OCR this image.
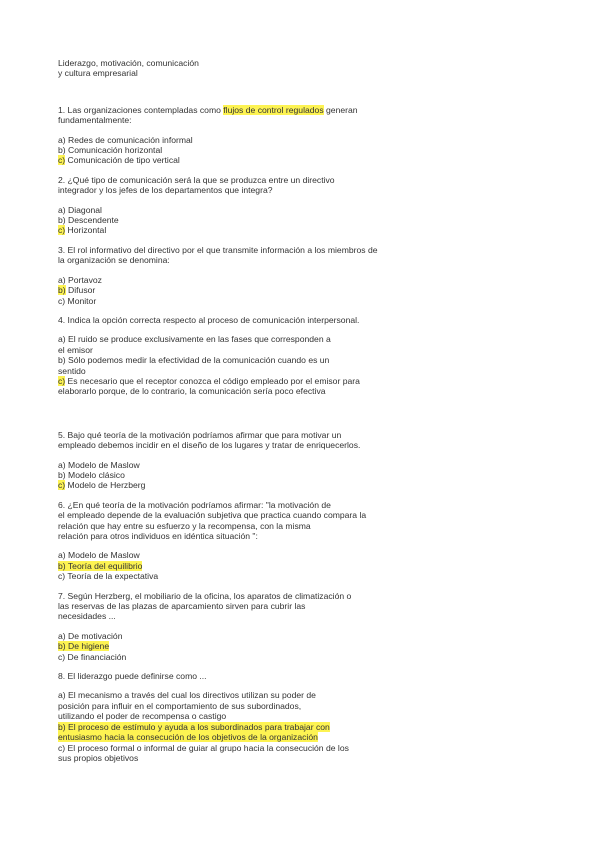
Liderazgo, motivación, comunicación
y cultura empresarial
1. Las organizaciones contempladas como flujos de control regulados generan
fundamentalmente:
a) Redes de comunicación informal
b) Comunicación horizontal
c) Comunicación de tipo vertical
2. ¿Qué tipo de comunicación será la que se produzca entre un directivo
integrador y los jefes de los departamentos que integra?
a) Diagonal
b) Descendente
c) Horizontal
3. El rol informativo del directivo por el que transmite información a los miembros de
la organización se denomina:
a) Portavoz
b) Difusor
c) Monitor
4. Indica la opción correcta respecto al proceso de comunicación interpersonal.
a) El ruido se produce exclusivamente en las fases que corresponden a
el emisor
b) Sólo podemos medir la efectividad de la comunicación cuando es un
sentido
c) Es necesario que el receptor conozca el código empleado por el emisor para
elaborarlo porque, de lo contrario, la comunicación sería poco efectiva
5. Bajo qué teoría de la motivación podríamos afirmar que para motivar un
empleado debemos incidir en el diseño de los lugares y tratar de enriquecerlos.
a) Modelo de Maslow
b) Modelo clásico
c) Modelo de Herzberg
6. ¿En qué teoría de la motivación podríamos afirmar: "la motivación de
el empleado depende de la evaluación subjetiva que practica cuando compara la
relación que hay entre su esfuerzo y la recompensa, con la misma
relación para otros individuos en idéntica situación ":
a) Modelo de Maslow
b) Teoría del equilibrio
c) Teoría de la expectativa
7. Según Herzberg, el mobiliario de la oficina, los aparatos de climatización o
las reservas de las plazas de aparcamiento sirven para cubrir las
necesidades ...
a) De motivación
b) De higiene
c) De financiación
8. El liderazgo puede definirse como ...
a) El mecanismo a través del cual los directivos utilizan su poder de
posición para influir en el comportamiento de sus subordinados,
utilizando el poder de recompensa o castigo
b) El proceso de estímulo y ayuda a los subordinados para trabajar con
entusiasmo hacia la consecución de los objetivos de la organización
c) El proceso formal o informal de guiar al grupo hacia la consecución de los
sus propios objetivos
